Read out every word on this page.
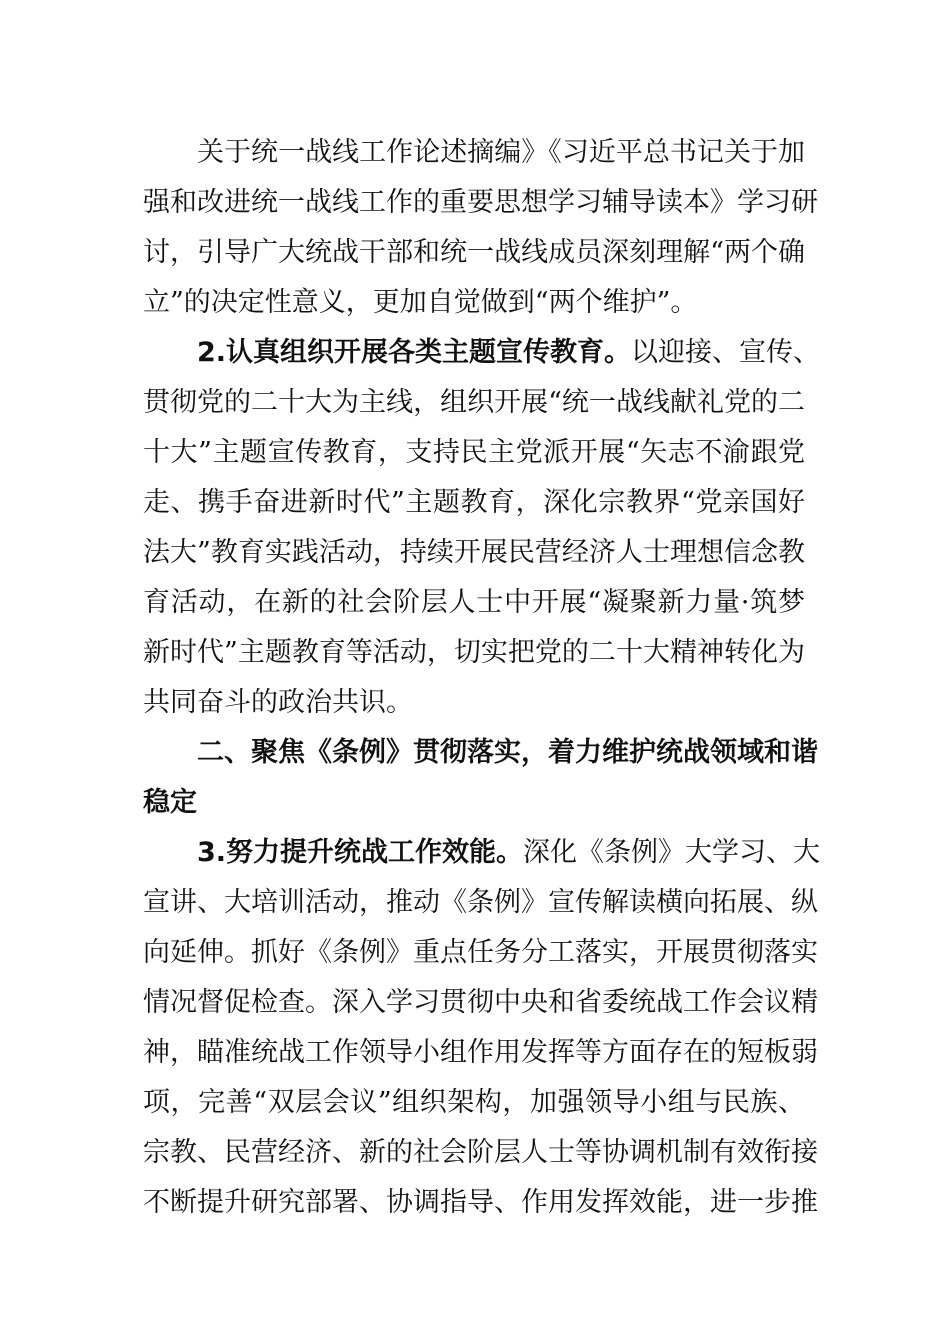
关于统一战线工作论述摘编》《习近平总书记关于加
强和改进统一战线工作的重要思想学习辅导读本》学习研
讨，引导广大统战干部和统一战线成员深刻理解“两个确
立”的决定性意义，更加自觉做到“两个维护”。
2.认真组织开展各类主题宣传教育。以迎接、宣传、
贯彻党的二十大为主线，组织开展“统一战线献礼党的二
十大”主题宣传教育，支持民主党派开展“矢志不渝跟党
走、携手奋进新时代”主题教育，深化宗教界“党亲国好
法大”教育实践活动，持续开展民营经济人士理想信念教
育活动，在新的社会阶层人士中开展“凝聚新力量·筑梦
新时代”主题教育等活动，切实把党的二十大精神转化为
共同奋斗的政治共识。
二、聚焦《条例》贯彻落实，着力维护统战领域和谐
稳定
3.努力提升统战工作效能。深化《条例》大学习、大
宣讲、大培训活动，推动《条例》宣传解读横向拓展、纵
向延伸。抓好《条例》重点任务分工落实，开展贯彻落实
情况督促检查。深入学习贯彻中央和省委统战工作会议精
神，瞄准统战工作领导小组作用发挥等方面存在的短板弱
项，完善“双层会议”组织架构，加强领导小组与民族、
宗教、民营经济、新的社会阶层人士等协调机制有效衔接
不断提升研究部署、协调指导、作用发挥效能，进一步推
